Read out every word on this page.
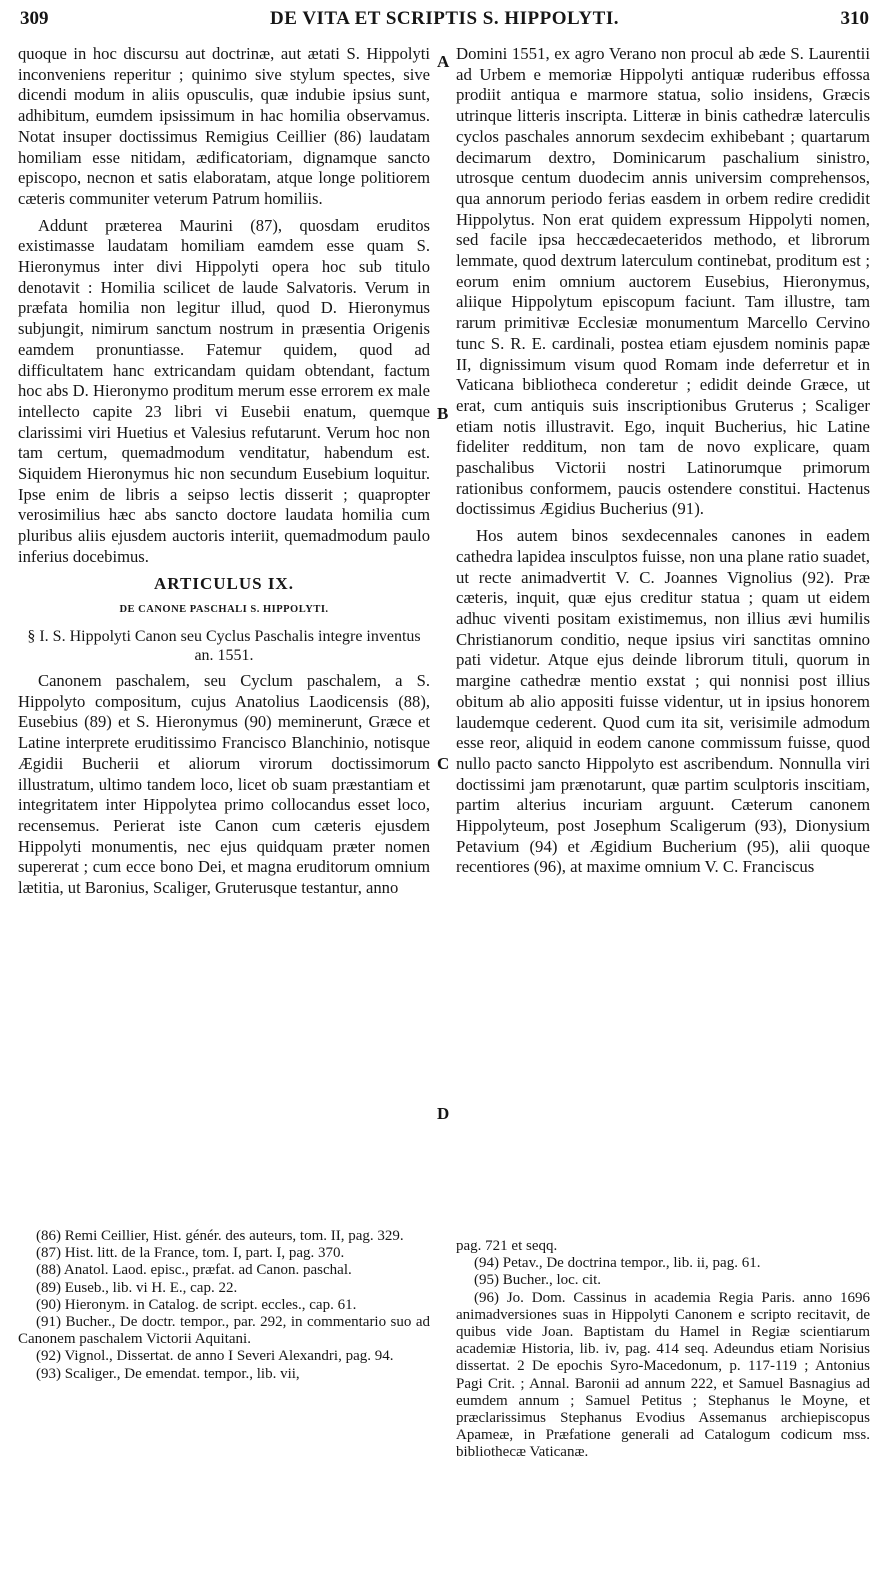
309	DE VITA ET SCRIPTIS S. HIPPOLYTI.	310
A
B
C
D

quoque in hoc discursu aut doctrinæ, aut ætati S. Hippolyti inconveniens reperitur ; quinimo sive stylum spectes, sive dicendi modum in aliis opusculis, quæ indubie ipsius sunt, adhibitum, eumdem ipsissimum in hac homilia observamus. Notat insuper doctissimus Remigius Ceillier (86) laudatam homiliam esse nitidam, ædificatoriam, dignamque sancto episcopo, necnon et satis elaboratam, atque longe politiorem cæteris communiter veterum Patrum homiliis.

Addunt præterea Maurini (87), quosdam eruditos existimasse laudatam homiliam eamdem esse quam S. Hieronymus inter divi Hippolyti opera hoc sub titulo denotavit : Homilia scilicet de laude Salvatoris. Verum in præfata homilia non legitur illud, quod D. Hieronymus subjungit, nimirum sanctum nostrum in præsentia Origenis eamdem pronuntiasse. Fatemur quidem, quod ad difficultatem hanc extricandam quidam obtendant, factum hoc abs D. Hieronymo proditum merum esse errorem ex male intellecto capite 23 libri vi Eusebii enatum, quemque clarissimi viri Huetius et Valesius refutarunt. Verum hoc non tam certum, quemadmodum venditatur, habendum est. Siquidem Hieronymus hic non secundum Eusebium loquitur. Ipse enim de libris a seipso lectis disserit ; quapropter verosimilius hæc abs sancto doctore laudata homilia cum pluribus aliis ejusdem auctoris interiit, quemadmodum paulo inferius docebimus.

ARTICULUS IX.

DE CANONE PASCHALI S. HIPPOLYTI.

§ I. S. Hippolyti Canon seu Cyclus Paschalis integre inventus an. 1551.

Canonem paschalem, seu Cyclum paschalem, a S. Hippolyto compositum, cujus Anatolius Laodicensis (88), Eusebius (89) et S. Hieronymus (90) meminerunt, Græce et Latine interprete eruditissimo Francisco Blanchinio, notisque Ægidii Bucherii et aliorum virorum doctissimorum illustratum, ultimo tandem loco, licet ob suam præstantiam et integritatem inter Hippolytea primo collocandus esset loco, recensemus. Perierat iste Canon cum cæteris ejusdem Hippolyti monumentis, nec ejus quidquam præter nomen supererat ; cum ecce bono Dei, et magna eruditorum omnium lætitia, ut Baronius, Scaliger, Gruterusque testantur, anno

Domini 1551, ex agro Verano non procul ab æde S. Laurentii ad Urbem e memoriæ Hippolyti antiquæ ruderibus effossa prodiit antiqua e marmore statua, solio insidens, Græcis utrinque litteris inscripta. Litteræ in binis cathedræ laterculis cyclos paschales annorum sexdecim exhibebant ; quartarum decimarum dextro, Dominicarum paschalium sinistro, utrosque centum duodecim annis universim comprehensos, qua annorum periodo ferias easdem in orbem redire credidit Hippolytus. Non erat quidem expressum Hippolyti nomen, sed facile ipsa heccædecaeteridos methodo, et librorum lemmate, quod dextrum laterculum continebat, proditum est ; eorum enim omnium auctorem Eusebius, Hieronymus, aliique Hippolytum episcopum faciunt. Tam illustre, tam rarum primitivæ Ecclesiæ monumentum Marcello Cervino tunc S. R. E. cardinali, postea etiam ejusdem nominis papæ II, dignissimum visum quod Romam inde deferretur et in Vaticana bibliotheca conderetur ; edidit deinde Græce, ut erat, cum antiquis suis inscriptionibus Gruterus ; Scaliger etiam notis illustravit. Ego, inquit Bucherius, hic Latine fideliter redditum, non tam de novo explicare, quam paschalibus Victorii nostri Latinorumque primorum rationibus conformem, paucis ostendere constitui. Hactenus doctissimus Ægidius Bucherius (91).

Hos autem binos sexdecennales canones in eadem cathedra lapidea insculptos fuisse, non una plane ratio suadet, ut recte animadvertit V. C. Joannes Vignolius (92). Præ cæteris, inquit, quæ ejus creditur statua ; quam ut eidem adhuc viventi positam existimemus, non illius ævi humilis Christianorum conditio, neque ipsius viri sanctitas omnino pati videtur. Atque ejus deinde librorum tituli, quorum in margine cathedræ mentio exstat ; qui nonnisi post illius obitum ab alio appositi fuisse videntur, ut in ipsius honorem laudemque cederent. Quod cum ita sit, verisimile admodum esse reor, aliquid in eodem canone commissum fuisse, quod nullo pacto sancto Hippolyto est ascribendum. Nonnulla viri doctissimi jam prænotarunt, quæ partim sculptoris inscitiam, partim alterius incuriam arguunt. Cæterum canonem Hippolyteum, post Josephum Scaligerum (93), Dionysium Petavium (94) et Ægidium Bucherium (95), alii quoque recentiores (96), at maxime omnium V. C. Franciscus

(86) Remi Ceillier, Hist. génér. des auteurs, tom. II, pag. 329.

(87) Hist. litt. de la France, tom. I, part. I, pag. 370.

(88) Anatol. Laod. episc., præfat. ad Canon. paschal.

(89) Euseb., lib. vi H. E., cap. 22.

(90) Hieronym. in Catalog. de script. eccles., cap. 61.

(91) Bucher., De doctr. tempor., par. 292, in commentario suo ad Canonem paschalem Victorii Aquitani.

(92) Vignol., Dissertat. de anno I Severi Alexandri, pag. 94.

(93) Scaliger., De emendat. tempor., lib. vii,

pag. 721 et seqq.

(94) Petav., De doctrina tempor., lib. ii, pag. 61.

(95) Bucher., loc. cit.

(96) Jo. Dom. Cassinus in academia Regia Paris. anno 1696 animadversiones suas in Hippolyti Canonem e scripto recitavit, de quibus vide Joan. Baptistam du Hamel in Regiæ scientiarum academiæ Historia, lib. iv, pag. 414 seq. Adeundus etiam Norisius dissertat. 2 De epochis Syro-Macedonum, p. 117-119 ; Antonius Pagi Crit. ; Annal. Baronii ad annum 222, et Samuel Basnagius ad eumdem annum ; Samuel Petitus ; Stephanus le Moyne, et præclarissimus Stephanus Evodius Assemanus archiepiscopus Apameæ, in Præfatione generali ad Catalogum codicum mss. bibliothecæ Vaticanæ.
